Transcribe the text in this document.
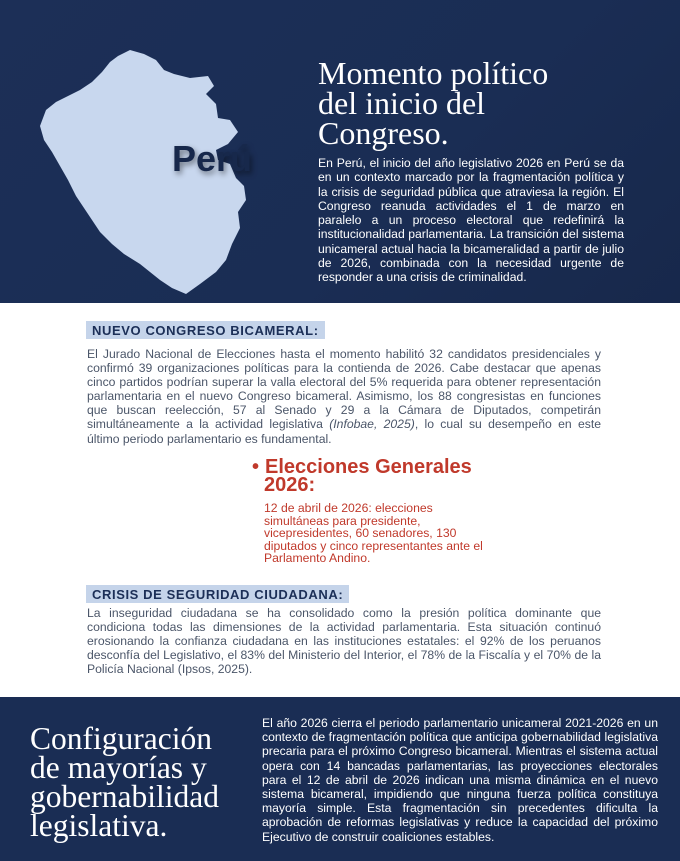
Perú
Momento político
del inicio del
Congreso.

En Perú, el inicio del año legislativo 2026 en Perú se da en un contexto marcado por la fragmentación política y la crisis de seguridad pública que atraviesa la región. El Congreso reanuda actividades el 1 de marzo en paralelo a un proceso electoral que redefinirá la institucionalidad parlamentaria. La transición del sistema unicameral actual hacia la bicameralidad a partir de julio de 2026, combinada con la necesidad urgente de responder a una crisis de criminalidad.

NUEVO CONGRESO BICAMERAL:

El Jurado Nacional de Elecciones hasta el momento habilitó 32 candidatos presidenciales y confirmó 39 organizaciones políticas para la contienda de 2026. Cabe destacar que apenas cinco partidos podrían superar la valla electoral del 5% requerida para obtener representación parlamentaria en el nuevo Congreso bicameral. Asimismo, los 88 congresistas en funciones que buscan reelección, 57 al Senado y 29 a la Cámara de Diputados, competirán simultáneamente a la actividad legislativa (Infobae, 2025), lo cual su desempeño en este último periodo parlamentario es fundamental.

• Elecciones Generales
2026:

12 de abril de 2026: elecciones simultáneas para presidente, vicepresidentes, 60 senadores, 130 diputados y cinco representantes ante el Parlamento Andino.

CRISIS DE SEGURIDAD CIUDADANA:

La inseguridad ciudadana se ha consolidado como la presión política dominante que condiciona todas las dimensiones de la actividad parlamentaria. Esta situación continuó erosionando la confianza ciudadana en las instituciones estatales: el 92% de los peruanos desconfía del Legislativo, el 83% del Ministerio del Interior, el 78% de la Fiscalía y el 70% de la Policía Nacional (Ipsos, 2025).

Configuración
de mayorías y
gobernabilidad
legislativa.

El año 2026 cierra el periodo parlamentario unicameral 2021-2026 en un contexto de fragmentación política que anticipa gobernabilidad legislativa precaria para el próximo Congreso bicameral. Mientras el sistema actual opera con 14 bancadas parlamentarias, las proyecciones electorales para el 12 de abril de 2026 indican una misma dinámica en el nuevo sistema bicameral, impidiendo que ninguna fuerza política constituya mayoría simple. Esta fragmentación sin precedentes dificulta la aprobación de reformas legislativas y reduce la capacidad del próximo Ejecutivo de construir coaliciones estables.
